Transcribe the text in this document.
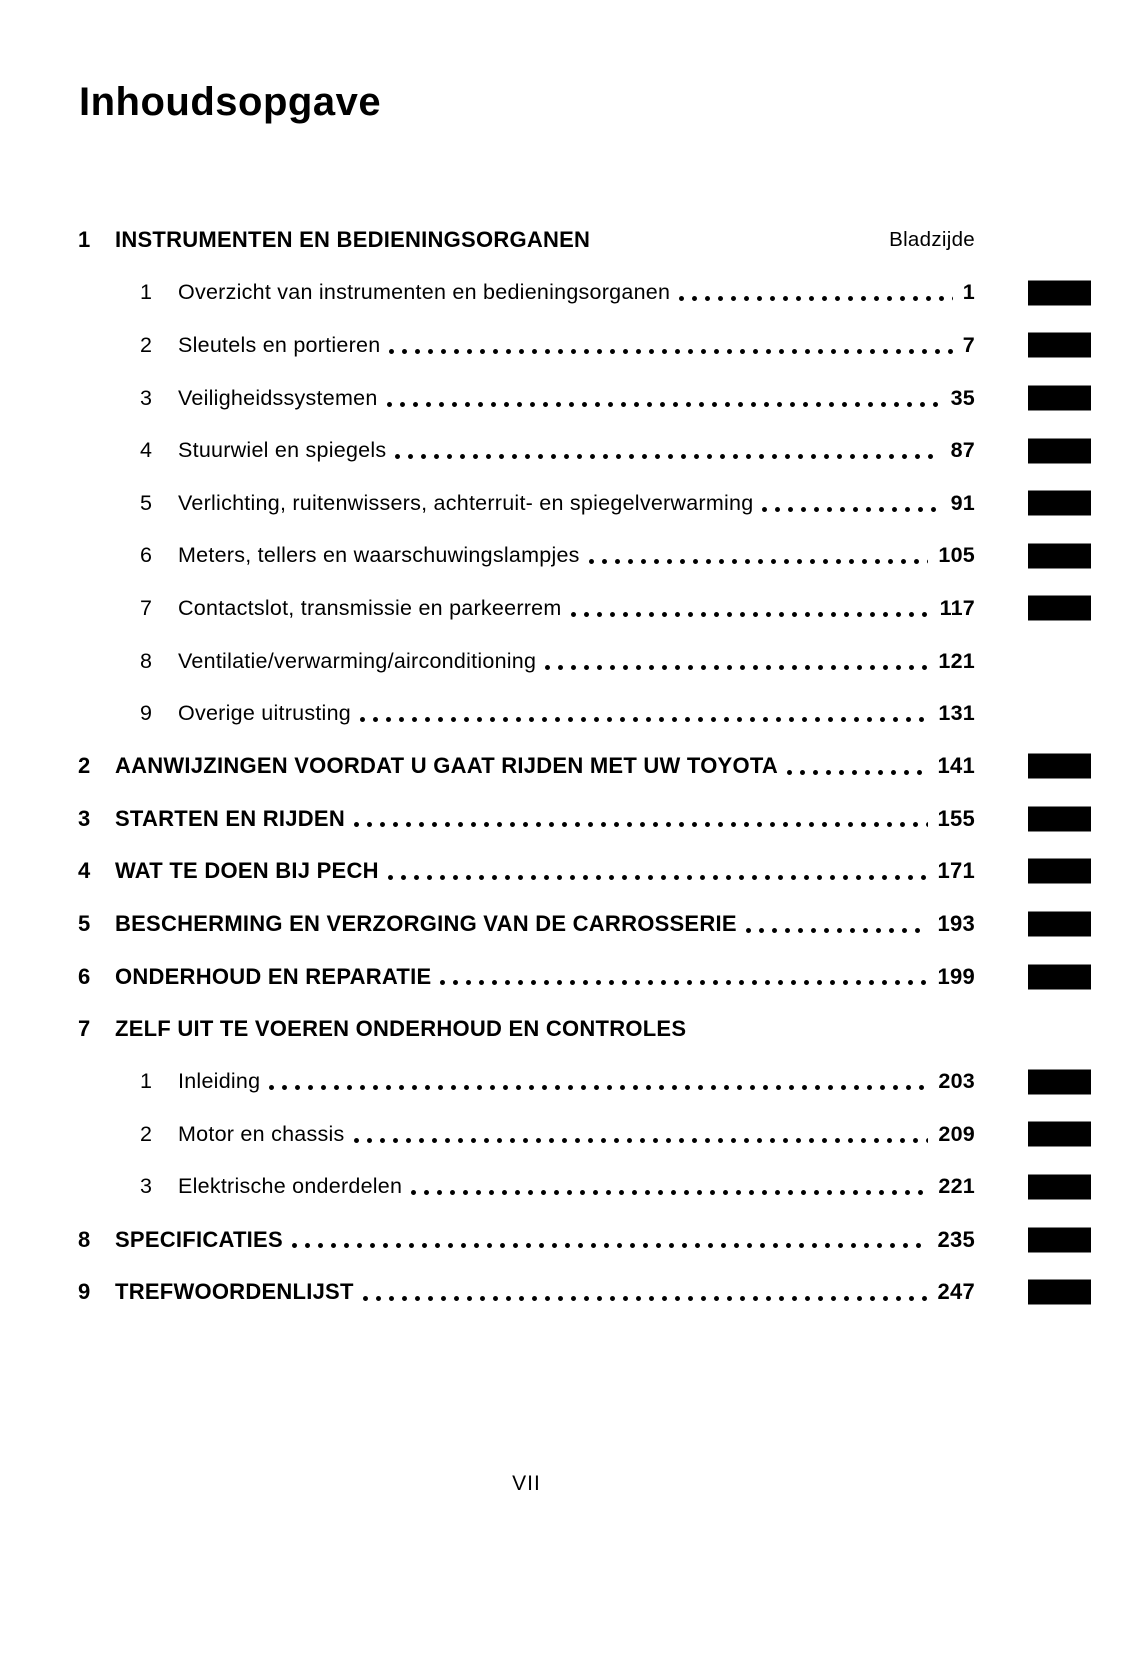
Inhoudsopgave
1	INSTRUMENTEN EN BEDIENINGSORGANEN	Bladzijde
1	Overzicht van instrumenten en bedieningsorganen	1
2	Sleutels en portieren	7
3	Veiligheidssystemen	35
4	Stuurwiel en spiegels	87
5	Verlichting, ruitenwissers, achterruit- en spiegelverwarming	91
6	Meters, tellers en waarschuwingslampjes	105
7	Contactslot, transmissie en parkeerrem	117
8	Ventilatie/verwarming/airconditioning	121
9	Overige uitrusting	131
2	AANWIJZINGEN VOORDAT U GAAT RIJDEN MET UW TOYOTA	141
3	STARTEN EN RIJDEN	155
4	WAT TE DOEN BIJ PECH	171
5	BESCHERMING EN VERZORGING VAN DE CARROSSERIE	193
6	ONDERHOUD EN REPARATIE	199
7	ZELF UIT TE VOEREN ONDERHOUD EN CONTROLES
1	Inleiding	203
2	Motor en chassis	209
3	Elektrische onderdelen	221
8	SPECIFICATIES	235
9	TREFWOORDENLIJST	247
VII
